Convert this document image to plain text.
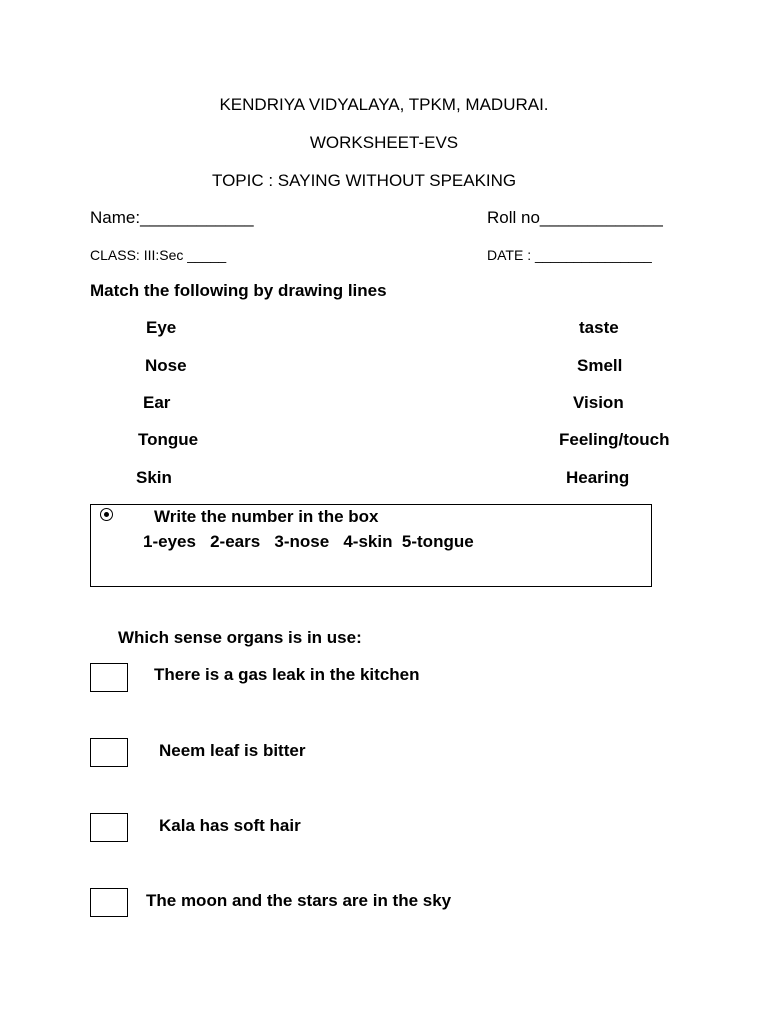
KENDRIYA VIDYALAYA, TPKM, MADURAI.
WORKSHEET-EVS
TOPIC : SAYING WITHOUT SPEAKING
Name:____________	Roll no_____________
CLASS: III:Sec _____	DATE : _______________
Match the following by drawing lines
Eye
Nose
Ear
Tongue
Skin
taste
Smell
Vision
Feeling/touch
Hearing
Write the number in the box
1-eyes   2-ears   3-nose   4-skin  5-tongue
Which sense organs is in use:
There is a gas leak in the kitchen
Neem leaf is bitter
Kala has soft hair
The moon and the stars are in the sky
